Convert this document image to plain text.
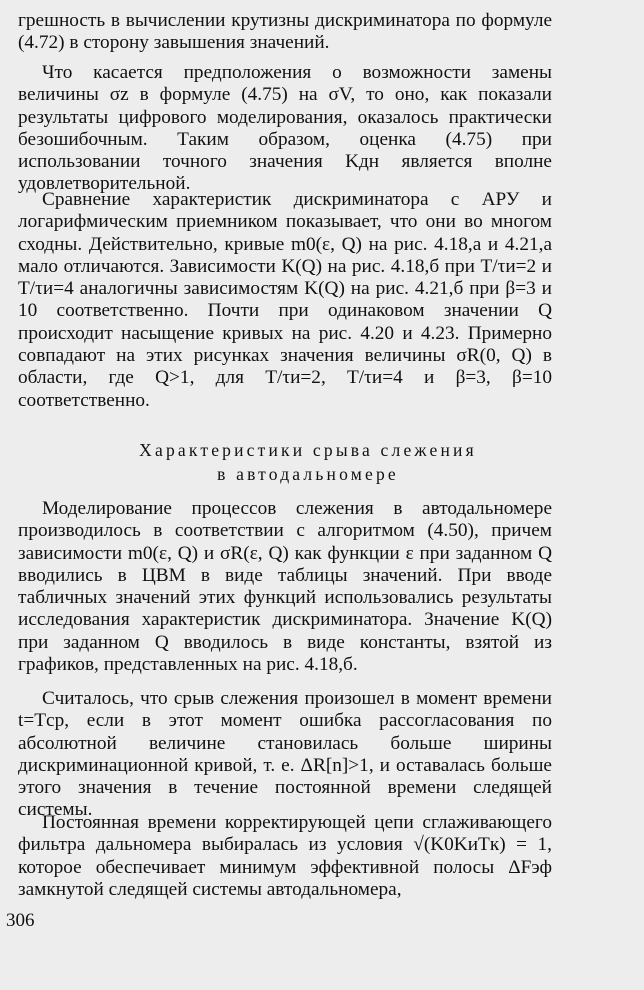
грешность в вычислении крутизны дискриминатора по формуле (4.72) в сторону завышения значений.

Что касается предположения о возможности замены величины σz в формуле (4.75) на σV, то оно, как показали результаты цифрового моделирования, оказалось практически безошибочным. Таким образом, оценка (4.75) при использовании точного значения Kдн является вполне удовлетворительной.

Сравнение характеристик дискриминатора с АРУ и логарифмическим приемником показывает, что они во многом сходны. Действительно, кривые m0(ε, Q) на рис. 4.18,а и 4.21,а мало отличаются. Зависимости K(Q) на рис. 4.18,б при T/τи=2 и T/τи=4 аналогичны зависимостям K(Q) на рис. 4.21,б при β=3 и 10 соответственно. Почти при одинаковом значении Q происходит насыщение кривых на рис. 4.20 и 4.23. Примерно совпадают на этих рисунках значения величины σR(0, Q) в области, где Q>1, для T/τи=2, T/τи=4 и β=3, β=10 соответственно.

Характеристики срыва слежения

в автодальномере

Моделирование процессов слежения в автодальномере производилось в соответствии с алгоритмом (4.50), причем зависимости m0(ε, Q) и σR(ε, Q) как функции ε при заданном Q вводились в ЦВМ в виде таблицы значений. При вводе табличных значений этих функций использовались результаты исследования характеристик дискриминатора. Значение K(Q) при заданном Q вводилось в виде константы, взятой из графиков, представленных на рис. 4.18,б.

Считалось, что срыв слежения произошел в момент времени t=Tср, если в этот момент ошибка рассогласования по абсолютной величине становилась больше ширины дискриминационной кривой, т. е. ΔR[n]>1, и оставалась больше этого значения в течение постоянной времени следящей системы.

Постоянная времени корректирующей цепи сглаживающего фильтра дальномера выбиралась из условия √(K0KиTк) = 1, которое обеспечивает минимум эффективной полосы ΔFэф замкнутой следящей системы автодальномера,

306
